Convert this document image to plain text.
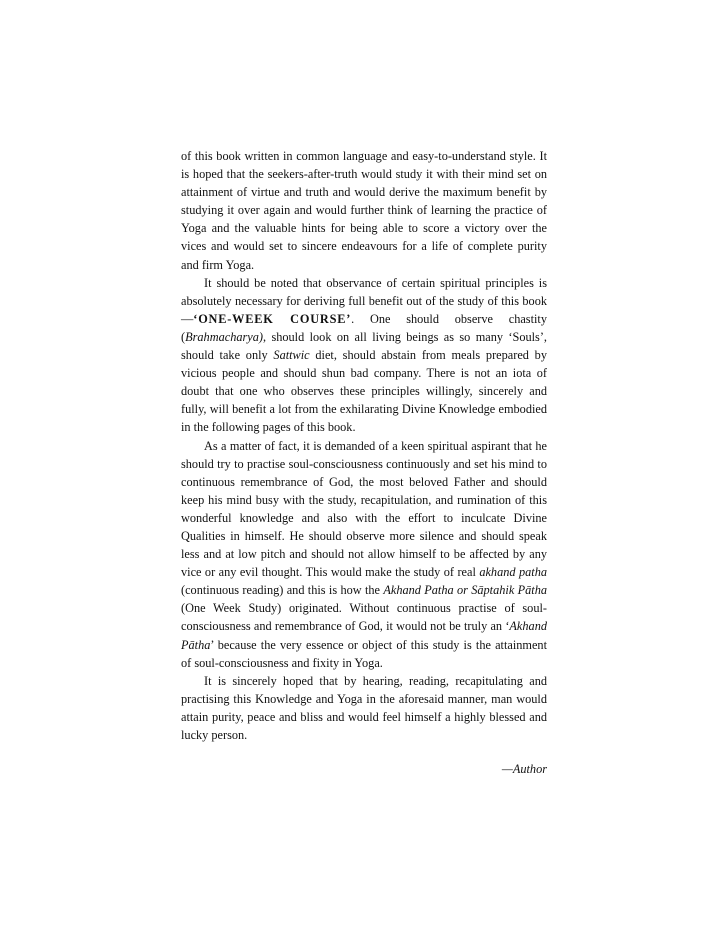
of this book written in common language and easy-to-understand style. It is hoped that the seekers-after-truth would study it with their mind set on attainment of virtue and truth and would derive the maximum benefit by studying it over again and would further think of learning the practice of Yoga and the valuable hints for being able to score a victory over the vices and would set to sincere endeavours for a life of complete purity and firm Yoga.

It should be noted that observance of certain spiritual principles is absolutely necessary for deriving full benefit out of the study of this book—‘ONE-WEEK COURSE’. One should observe chastity (Brahmacharya), should look on all living beings as so many ‘Souls’, should take only Sattwic diet, should abstain from meals prepared by vicious people and should shun bad company. There is not an iota of doubt that one who observes these principles willingly, sincerely and fully, will benefit a lot from the exhilarating Divine Knowledge embodied in the following pages of this book.

As a matter of fact, it is demanded of a keen spiritual aspirant that he should try to practise soul-consciousness continuously and set his mind to continuous remembrance of God, the most beloved Father and should keep his mind busy with the study, recapitulation, and rumination of this wonderful knowledge and also with the effort to inculcate Divine Qualities in himself. He should observe more silence and should speak less and at low pitch and should not allow himself to be affected by any vice or any evil thought. This would make the study of real akhand patha (continuous reading) and this is how the Akhand Patha or Sāptahik Pātha (One Week Study) originated. Without continuous practise of soul-consciousness and remembrance of God, it would not be truly an ‘Akhand Pātha’ because the very essence or object of this study is the attainment of soul-consciousness and fixity in Yoga.

It is sincerely hoped that by hearing, reading, recapitulating and practising this Knowledge and Yoga in the aforesaid manner, man would attain purity, peace and bliss and would feel himself a highly blessed and lucky person.

—Author
